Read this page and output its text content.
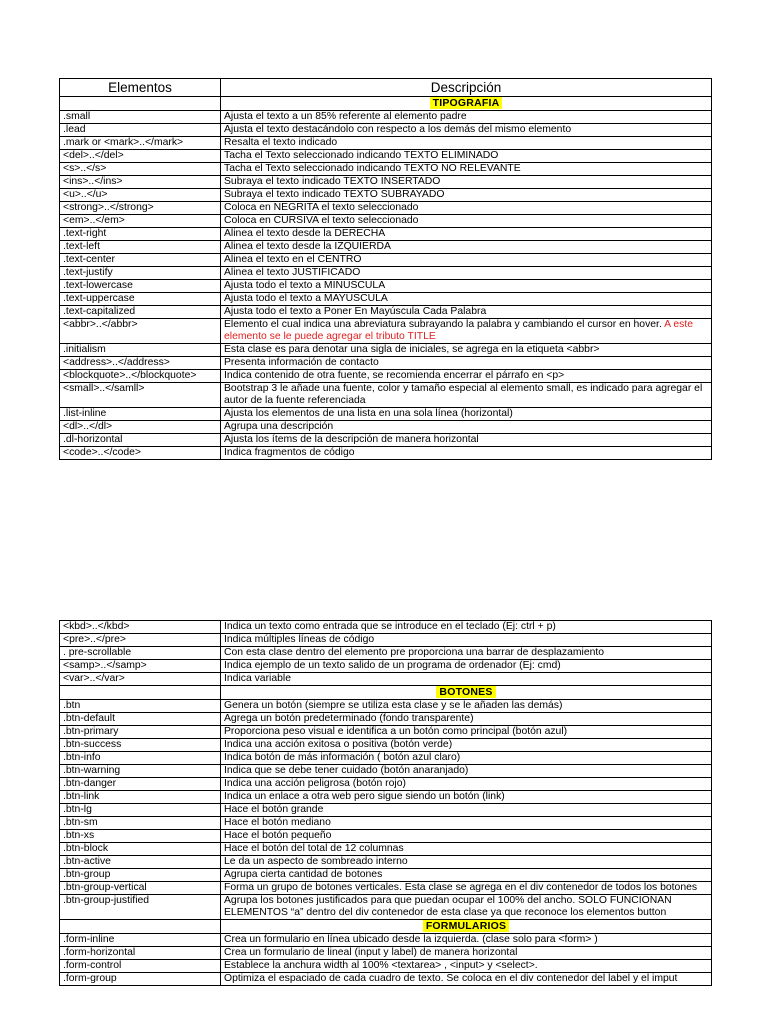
Elementos	Descripción
	TIPOGRAFIA
.small	Ajusta el texto a un 85% referente al elemento padre
.lead	Ajusta el texto destacándolo con respecto a los demás del mismo elemento
.mark or <mark>..</mark>	Resalta el texto indicado
<del>..</del>	Tacha el Texto seleccionado indicando TEXTO ELIMINADO
<s>..</s>	Tacha el Texto seleccionado indicando TEXTO NO RELEVANTE
<ins>..</ins>	Subraya el texto indicado TEXTO INSERTADO
<u>..</u>	Subraya el texto indicado TEXTO SUBRAYADO
<strong>..</strong>	Coloca en NEGRITA el texto seleccionado
<em>..</em>	Coloca en CURSIVA el texto seleccionado
.text-right	Alinea el texto desde la DERECHA
.text-left	Alinea el texto desde la IZQUIERDA
.text-center	Alinea el texto en el CENTRO
.text-justify	Alinea el texto JUSTIFICADO
.text-lowercase	Ajusta todo el texto a MINUSCULA
.text-uppercase	Ajusta todo el texto a MAYUSCULA
.text-capitalized	Ajusta todo el texto a Poner En Mayúscula Cada Palabra
<abbr>..</abbr>	Elemento el cual indica una abreviatura subrayando la palabra y cambiando el cursor en hover. A este elemento se le puede agregar el tributo TITLE
.initialism	Esta clase es para denotar una sigla de iniciales, se agrega en la etiqueta <abbr>
<address>..</address>	Presenta información de contacto
<blockquote>..</blockquote>	Indica contenido de otra fuente, se recomienda encerrar el párrafo en <p>
<small>..</samll>	Bootstrap 3 le añade una fuente, color y tamaño especial al elemento small, es indicado para agregar el autor de la fuente referenciada
.list-inline	Ajusta los elementos de una lista en una sola línea (horizontal)
<dl>..</dl>	Agrupa una descripción
.dl-horizontal	Ajusta los ítems de la descripción de manera horizontal
<code>..</code>	Indica fragmentos de código
<kbd>..</kbd>	Indica un texto como entrada que se introduce en el teclado (Ej: ctrl + p)
<pre>..</pre>	Indica múltiples líneas de código
. pre-scrollable	Con esta clase dentro del elemento pre proporciona una barrar de desplazamiento
<samp>..</samp>	Indica ejemplo de un texto salido de un programa de ordenador (Ej: cmd)
<var>..</var>	Indica variable
	BOTONES
.btn	Genera un botón (siempre se utiliza esta clase y se le añaden las demás)
.btn-default	Agrega un botón predeterminado (fondo transparente)
.btn-primary	Proporciona peso visual e identifica a un botón como principal (botón azul)
.btn-success	Indica una acción exitosa o positiva (botón verde)
.btn-info	Indica botón de más información ( botón azul claro)
.btn-warning	Indica que se debe tener cuidado (botón anaranjado)
.btn-danger	Indica una acción peligrosa (botón rojo)
.btn-link	Indica un enlace a otra web pero sigue siendo un botón (link)
.btn-lg	Hace el botón grande
.btn-sm	Hace el botón mediano
.btn-xs	Hace el botón pequeño
.btn-block	Hace el botón del total de 12 columnas
.btn-active	Le da un aspecto de sombreado interno
.btn-group	Agrupa cierta cantidad de botones
.btn-group-vertical	Forma un grupo de botones verticales. Esta clase se agrega en el div contenedor de todos los botones
.btn-group-justified	Agrupa los botones justificados para que puedan ocupar el 100% del ancho. SOLO FUNCIONAN ELEMENTOS “a” dentro del div contenedor de esta clase ya que reconoce los elementos button
	FORMULARIOS
.form-inline	Crea un formulario en línea ubicado desde la izquierda. (clase solo para <form> )
.form-horizontal	Crea un formulario de lineal (input y label) de manera horizontal
.form-control	Establece la anchura width al 100% <textarea> , <input> y <select>.
.form-group	Optimiza el espaciado de cada cuadro de texto. Se coloca en el div contenedor del label y el imput
